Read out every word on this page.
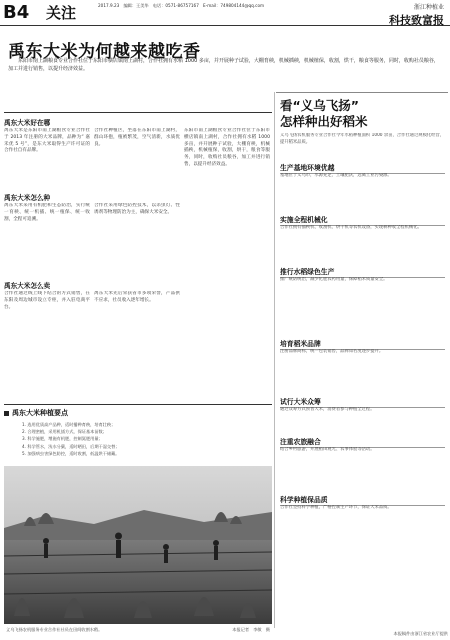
B4 关注	2017.9.23　编辑：王美华　电话：0571-86757167　E-mail：749804144@qq.com	浙江种植业
科技致富报
禹东大米为何越来越吃香
东阳市南上湖粮食专业合作社位于东阳市横店镇南上湖村，合作社拥有水稻 1000 多亩，并开展种子试验，大棚育秧，机械插秧，机械植保，收割，烘干，粮食等服务，同时，收购社员粮谷，加工并进行销售，以提升经济效益。
禹东大米好在哪
禹东大米是东阳市南上湖粮食专业合作社于 2013 年注册的大米品牌，品种为“ 嘉禾优 5 号”，是东大米取得生产许可证的合作社自有品牌。
合作社种植区，坐落在东阳市南上湖村，群山环抱，植被繁茂，空气清新，水质优良。
禹东大米怎么种
禹东大米采用有机肥和生态防治，实行统一育秧、统一机插、统一植保、统一收割，全程可追溯。
合作社采用绿色防控技术，以杀虫灯、性诱剂等物理防治为主，确保大米安全。
禹东大米怎么卖
合作社通过线上线下结合的方式销售，在东阳及周边城市设立专柜，并入驻电商平台。
禹东大米先后荣获省市多项荣誉，产品供不应求，社员收入逐年增长。
东阳市南上湖粮食专业合作社位于东阳市横店镇南上湖村，合作社拥有水稻 1000 多亩，并开展种子试验，大棚育秧，机械插秧，机械植保，收割，烘干，粮食等服务，同时，收购社员粮谷，加工并进行销售，以提升经济效益。
禹东大米种植要点
1. 选用优质高产品种，适时播种育秧，培育壮秧；
2. 合理密植，采用机插方式，保证基本苗数；
3. 科学施肥，增施有机肥，控制氮肥用量；
4. 科学管水，浅水分蘖，适时晒田，后期干湿交替；
5. 加强病虫害绿色防控，适时收割，低温烘干储藏。
义乌飞扬农机服务专业合作社社员在田间收割水稻。	本报记者　李敏　摄
看“义乌飞扬”
怎样种出好稻米
义乌飞扬农机服务专业合作社今年水稻种植面积 1000 余亩，合作社通过规模化经营，提升稻米品质。
生产基地环境优越
基地位于义乌市，水源充足，土壤肥沃，远离工业污染源。
实施全程机械化
合作社拥有插秧机、收割机、烘干机等农机设备，实现耕种收全程机械化。
推行水稻绿色生产
推广统防统治，减少化肥农药用量，保障稻米质量安全。
培育稻米品牌
注册品牌商标，统一包装销售，品牌知名度逐步提升。
试行大米众筹
通过众筹方式预售大米，消费者参与种植全过程。
注重农旅融合
结合乡村旅游，开展稻田观光、农事体验等活动。
科学种植保品质
合作社坚持科学种植，严格控制生产环节，保证大米品质。
本报稿件由浙江省农业厅提供
